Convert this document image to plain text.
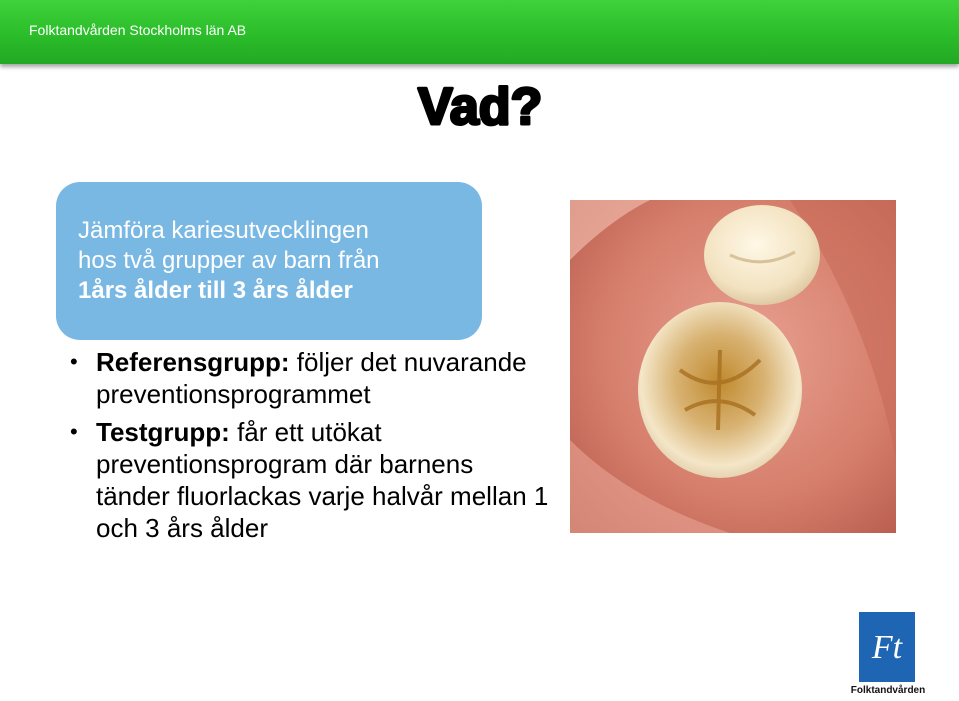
Folktandvården Stockholms län AB
Vad?
Jämföra kariesutvecklingen
hos två grupper av barn från
1års ålder till 3 års ålder

• Referensgrupp: följer det nuvarande preventionsprogrammet

• Testgrupp: får ett utökat preventionsprogram där barnens tänder fluorlackas varje halvår mellan 1 och 3 års ålder

Ft
Folktandvården
